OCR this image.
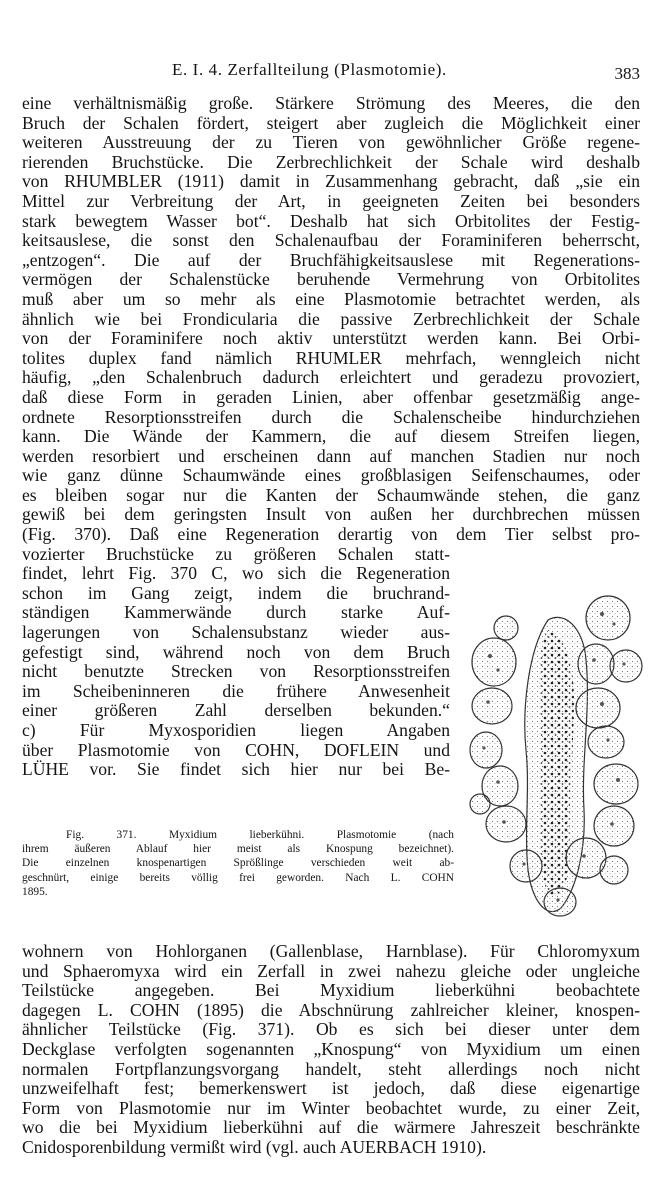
E. I. 4. Zerfallteilung (Plasmotomie).	383
eine verhältnismäßig große. Stärkere Strömung des Meeres, die den
Bruch der Schalen fördert, steigert aber zugleich die Möglichkeit einer
weiteren Ausstreuung der zu Tieren von gewöhnlicher Größe regene-
rierenden Bruchstücke. Die Zerbrechlichkeit der Schale wird deshalb
von RHUMBLER (1911) damit in Zusammenhang gebracht, daß „sie ein
Mittel zur Verbreitung der Art, in geeigneten Zeiten bei besonders
stark bewegtem Wasser bot“. Deshalb hat sich Orbitolites der Festig-
keitsauslese, die sonst den Schalenaufbau der Foraminiferen beherrscht,
„entzogen“. Die auf der Bruchfähigkeitsauslese mit Regenerations-
vermögen der Schalenstücke beruhende Vermehrung von Orbitolites
muß aber um so mehr als eine Plasmotomie betrachtet werden, als
ähnlich wie bei Frondicularia die passive Zerbrechlichkeit der Schale
von der Foraminifere noch aktiv unterstützt werden kann. Bei Orbi-
tolites duplex fand nämlich RHUMLER mehrfach, wenngleich nicht
häufig, „den Schalenbruch dadurch erleichtert und geradezu provoziert,
daß diese Form in geraden Linien, aber offenbar gesetzmäßig ange-
ordnete Resorptionsstreifen durch die Schalenscheibe hindurchziehen
kann. Die Wände der Kammern, die auf diesem Streifen liegen,
werden resorbiert und erscheinen dann auf manchen Stadien nur noch
wie ganz dünne Schaumwände eines großblasigen Seifenschaumes, oder
es bleiben sogar nur die Kanten der Schaumwände stehen, die ganz
gewiß bei dem geringsten Insult von außen her durchbrechen müssen
(Fig. 370). Daß eine Regeneration derartig von dem Tier selbst pro-
vozierter Bruchstücke zu größeren Schalen statt-
findet, lehrt Fig. 370 C, wo sich die Regeneration
schon im Gang zeigt, indem die bruchrand-
ständigen Kammerwände durch starke Auf-
lagerungen von Schalensubstanz wieder aus-
gefestigt sind, während noch von dem Bruch
nicht benutzte Strecken von Resorptionsstreifen
im Scheibeninneren die frühere Anwesenheit
einer größeren Zahl derselben bekunden.“
c) Für Myxosporidien liegen Angaben
über Plasmotomie von COHN, DOFLEIN und
LÜHE vor. Sie findet sich hier nur bei Be-
Fig. 371. Myxidium lieberkühni. Plasmotomie (nach
ihrem äußeren Ablauf hier meist als Knospung bezeichnet).
Die einzelnen knospenartigen Sprößlinge verschieden weit ab-
geschnürt, einige bereits völlig frei geworden. Nach L. COHN
1895.
wohnern von Hohlorganen (Gallenblase, Harnblase). Für Chloromyxum
und Sphaeromyxa wird ein Zerfall in zwei nahezu gleiche oder ungleiche
Teilstücke angegeben. Bei Myxidium lieberkühni beobachtete
dagegen L. COHN (1895) die Abschnürung zahlreicher kleiner, knospen-
ähnlicher Teilstücke (Fig. 371). Ob es sich bei dieser unter dem
Deckglase verfolgten sogenannten „Knospung“ von Myxidium um einen
normalen Fortpflanzungsvorgang handelt, steht allerdings noch nicht
unzweifelhaft fest; bemerkenswert ist jedoch, daß diese eigenartige
Form von Plasmotomie nur im Winter beobachtet wurde, zu einer Zeit,
wo die bei Myxidium lieberkühni auf die wärmere Jahreszeit beschränkte
Cnidosporenbildung vermißt wird (vgl. auch AUERBACH 1910).
